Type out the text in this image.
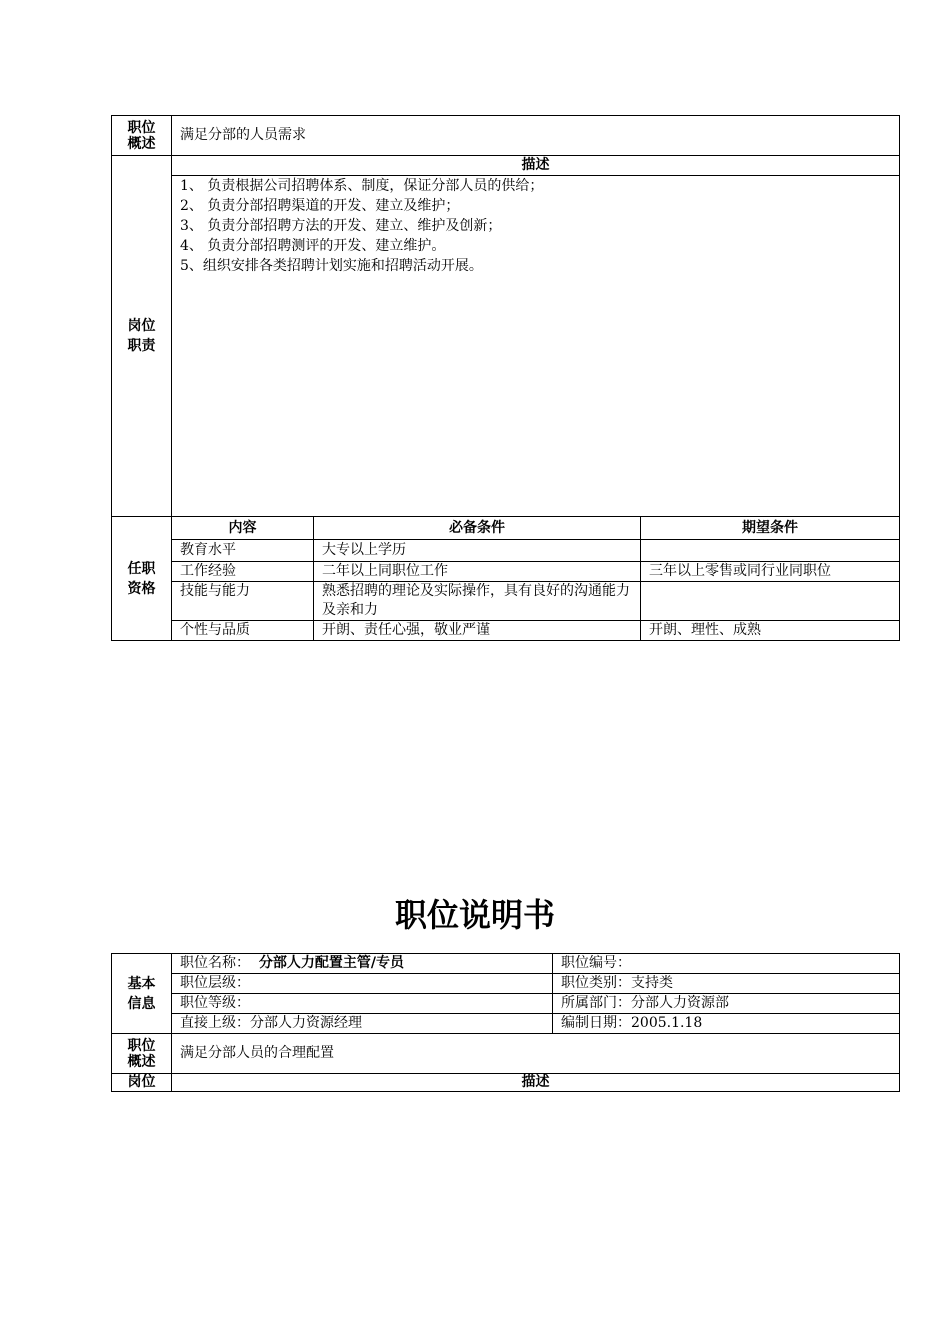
职位
概述	满足分部的人员需求		
岗位
职责	描述		

	1、 负责根据公司招聘体系、制度，保证分部人员的供给；
2、 负责分部招聘渠道的开发、建立及维护；
3、 负责分部招聘方法的开发、建立、维护及创新；
4、 负责分部招聘测评的开发、建立维护。
5、组织安排各类招聘计划实施和招聘活动开展。		

任职
资格	内容	必备条件	期望条件
	教育水平	大专以上学历	
	工作经验	二年以上同职位工作	三年以上零售或同行业同职位
	技能与能力	熟悉招聘的理论及实际操作，具有良好的沟通能力及亲和力	
	个性与品质	开朗、责任心强，敬业严谨	开朗、理性、成熟
职位说明书
基本
信息	职位名称： 分部人力配置主管/专员	职位编号：
	职位层级：	职位类别：支持类
	职位等级：	所属部门：分部人力资源部
	直接上级：分部人力资源经理	编制日期：2005.1.18
职位
概述	满足分部人员的合理配置	
岗位	描述	
